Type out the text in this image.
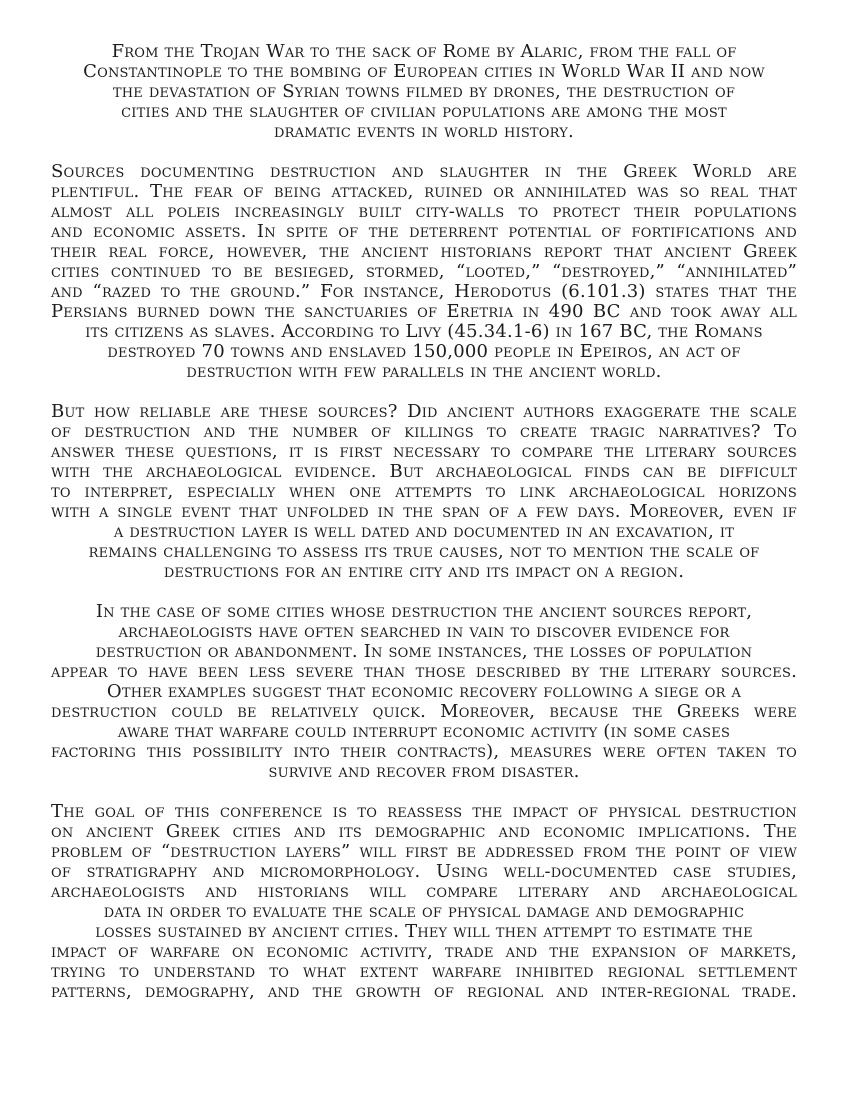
From the Trojan War to the sack of Rome by Alaric, from the fall of
Constantinople to the bombing of European cities in World War II and now
the devastation of Syrian towns filmed by drones, the destruction of
cities and the slaughter of civilian populations are among the most
dramatic events in world history.
Sources documenting destruction and slaughter in the Greek World are
plentiful. The fear of being attacked, ruined or annihilated was so real that
almost all poleis increasingly built city-walls to protect their populations
and economic assets. In spite of the deterrent potential of fortifications and
their real force, however, the ancient historians report that ancient Greek
cities continued to be besieged, stormed, “looted,” “destroyed,” “annihilated”
and “razed to the ground.” For instance, Herodotus (6.101.3) states that the
Persians burned down the sanctuaries of Eretria in 490 BC and took away all
its citizens as slaves. According to Livy (45.34.1-6) in 167 BC, the Romans
destroyed 70 towns and enslaved 150,000 people in Epeiros, an act of
destruction with few parallels in the ancient world.
But how reliable are these sources? Did ancient authors exaggerate the scale
of destruction and the number of killings to create tragic narratives? To
answer these questions, it is first necessary to compare the literary sources
with the archaeological evidence. But archaeological finds can be difficult
to interpret, especially when one attempts to link archaeological horizons
with a single event that unfolded in the span of a few days. Moreover, even if
a destruction layer is well dated and documented in an excavation, it
remains challenging to assess its true causes, not to mention the scale of
destructions for an entire city and its impact on a region.
In the case of some cities whose destruction the ancient sources report,
archaeologists have often searched in vain to discover evidence for
destruction or abandonment. In some instances, the losses of population
appear to have been less severe than those described by the literary sources.
Other examples suggest that economic recovery following a siege or a
destruction could be relatively quick. Moreover, because the Greeks were
aware that warfare could interrupt economic activity (in some cases
factoring this possibility into their contracts), measures were often taken to
survive and recover from disaster.
The goal of this conference is to reassess the impact of physical destruction
on ancient Greek cities and its demographic and economic implications. The
problem of “destruction layers” will first be addressed from the point of view
of stratigraphy and micromorphology. Using well-documented case studies,
archaeologists and historians will compare literary and archaeological
data in order to evaluate the scale of physical damage and demographic
losses sustained by ancient cities. They will then attempt to estimate the
impact of warfare on economic activity, trade and the expansion of markets,
trying to understand to what extent warfare inhibited regional settlement
patterns, demography, and the growth of regional and inter-regional trade.
